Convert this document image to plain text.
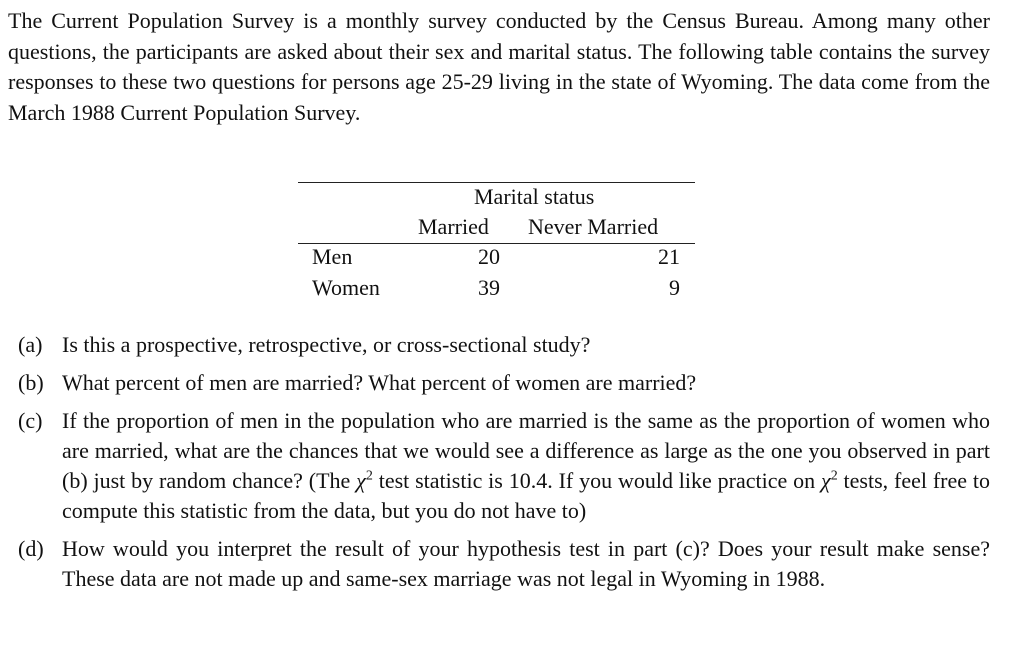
The Current Population Survey is a monthly survey conducted by the Census Bureau. Among many other questions, the participants are asked about their sex and marital status. The following table contains the survey responses to these two questions for persons age 25-29 living in the state of Wyoming. The data come from the March 1988 Current Population Survey.

Marital status
Married Never Married
Men	20	21
Women	39	9
(a) Is this a prospective, retrospective, or cross-sectional study?
(b) What percent of men are married? What percent of women are married?
(c) If the proportion of men in the population who are married is the same as the proportion of women who are married, what are the chances that we would see a difference as large as the one you observed in part (b) just by random chance? (The $\chi^2$ test statistic is 10.4. If you would like practice on $\chi^2$ tests, feel free to compute this statistic from the data, but you do not have to)
(d) How would you interpret the result of your hypothesis test in part (c)? Does your result make sense? These data are not made up and same-sex marriage was not legal in Wyoming in 1988.
